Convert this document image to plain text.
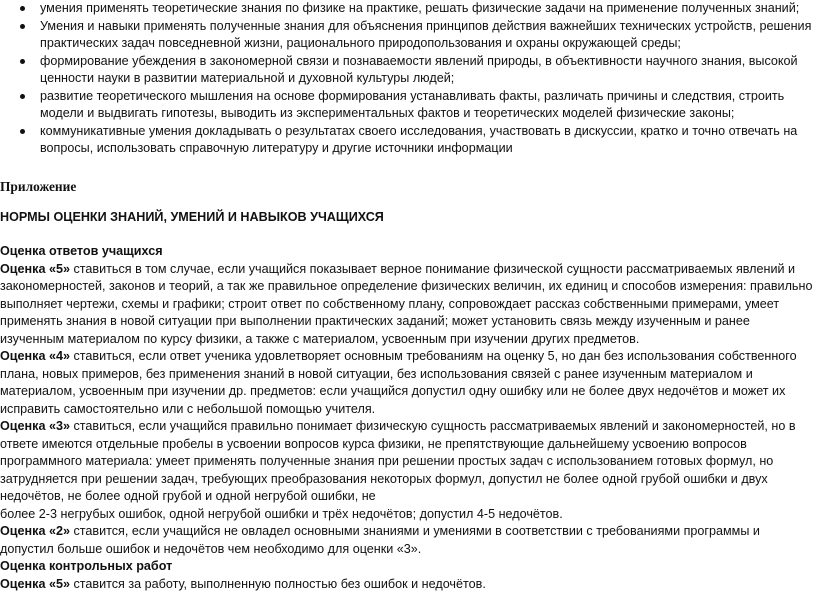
умения применять теоретические знания по физике на практике, решать физические задачи на применение полученных знаний;
Умения и навыки применять полученные знания для объяснения принципов действия важнейших технических устройств, решения практических задач повседневной жизни, рационального природопользования и охраны окружающей среды;
формирование убеждения в закономерной связи и познаваемости явлений природы, в объективности научного знания, высокой ценности науки в развитии материальной и духовной культуры людей;
развитие теоретического мышления на основе формирования устанавливать факты, различать причины и следствия, строить модели и выдвигать гипотезы, выводить из экспериментальных фактов и теоретических моделей физические законы;
коммуникативные умения докладывать о результатах своего исследования, участвовать в дискуссии, кратко и точно отвечать на вопросы, использовать справочную литературу и другие источники информации

Приложение

НОРМЫ ОЦЕНКИ ЗНАНИЙ, УМЕНИЙ И НАВЫКОВ УЧАЩИХСЯ

Оценка ответов учащихся

Оценка «5» ставиться в том случае, если учащийся показывает верное понимание физической сущности рассматриваемых явлений и закономерностей, законов и теорий, а так же правильное определение физических величин, их единиц и способов измерения: правильно выполняет чертежи, схемы и графики; строит ответ по собственному плану, сопровождает рассказ собственными примерами, умеет применять знания в новой ситуации при выполнении практических заданий; может установить связь между изученным и ранее изученным материалом по курсу физики, а также с материалом, усвоенным при изучении других предметов.

Оценка «4» ставиться, если ответ ученика удовлетворяет основным требованиям на оценку 5, но дан без использования собственного плана, новых примеров, без применения знаний в новой ситуации, без использования связей с ранее изученным материалом и материалом, усвоенным при изучении др. предметов: если учащийся допустил одну ошибку или не более двух недочётов и может их исправить самостоятельно или с небольшой помощью учителя.

Оценка «3» ставиться, если учащийся правильно понимает физическую сущность рассматриваемых явлений и закономерностей, но в ответе имеются отдельные пробелы в усвоении вопросов курса физики, не препятствующие дальнейшему усвоению вопросов программного материала: умеет применять полученные знания при решении простых задач с использованием готовых формул, но затрудняется при решении задач, требующих преобразования некоторых формул, допустил не более одной грубой ошибки и двух недочётов, не более одной грубой и одной негрубой ошибки, не

более 2-3 негрубых ошибок, одной негрубой ошибки и трёх недочётов; допустил 4-5 недочётов.

Оценка «2» ставится, если учащийся не овладел основными знаниями и умениями в соответствии с требованиями программы и допустил больше ошибок и недочётов чем необходимо для оценки «3».

Оценка контрольных работ

Оценка «5» ставится за работу, выполненную полностью без ошибок и недочётов.
